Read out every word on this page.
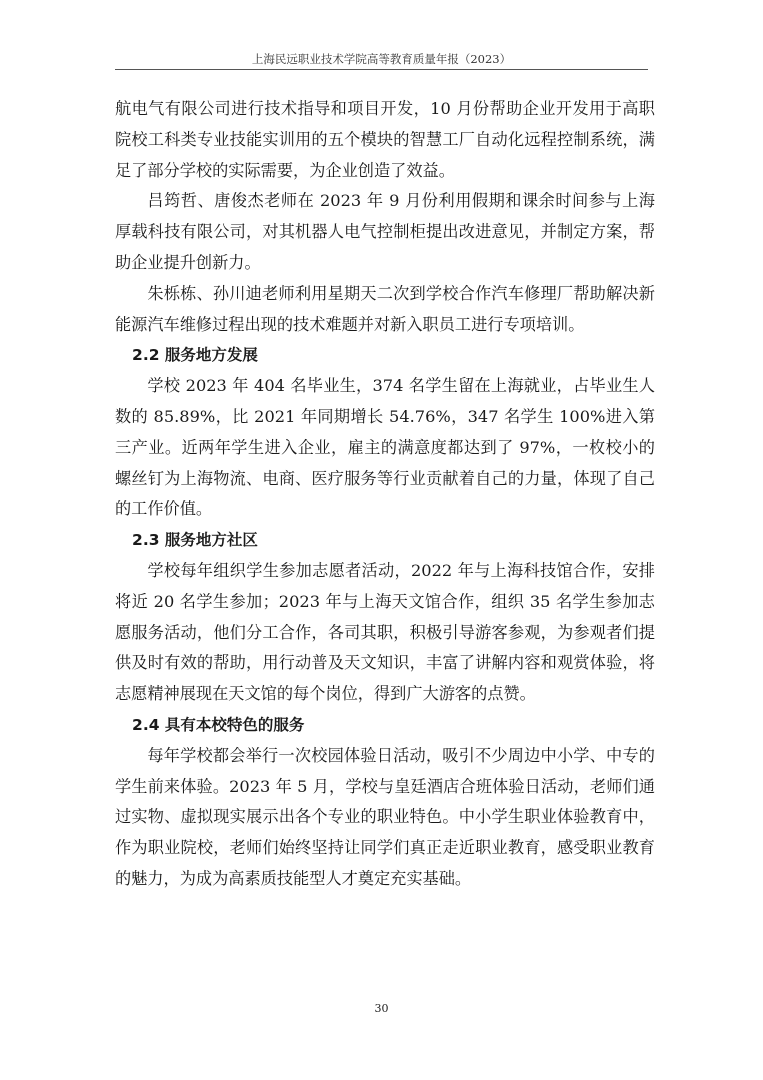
上海民远职业技术学院高等教育质量年报（2023）

航电气有限公司进行技术指导和项目开发，10 月份帮助企业开发用于高职院校工科类专业技能实训用的五个模块的智慧工厂自动化远程控制系统，满足了部分学校的实际需要，为企业创造了效益。

吕筠哲、唐俊杰老师在 2023 年 9 月份利用假期和课余时间参与上海厚载科技有限公司，对其机器人电气控制柜提出改进意见，并制定方案，帮助企业提升创新力。

朱栎栋、孙川迪老师利用星期天二次到学校合作汽车修理厂帮助解决新能源汽车维修过程出现的技术难题并对新入职员工进行专项培训。

2.2 服务地方发展

学校 2023 年 404 名毕业生，374 名学生留在上海就业，占毕业生人数的 85.89%，比 2021 年同期增长 54.76%，347 名学生 100%进入第三产业。近两年学生进入企业，雇主的满意度都达到了 97%，一枚校小的螺丝钉为上海物流、电商、医疗服务等行业贡献着自己的力量，体现了自己的工作价值。

2.3 服务地方社区

学校每年组织学生参加志愿者活动，2022 年与上海科技馆合作，安排将近 20 名学生参加；2023 年与上海天文馆合作，组织 35 名学生参加志愿服务活动，他们分工合作，各司其职，积极引导游客参观，为参观者们提供及时有效的帮助，用行动普及天文知识，丰富了讲解内容和观赏体验，将志愿精神展现在天文馆的每个岗位，得到广大游客的点赞。

2.4 具有本校特色的服务

每年学校都会举行一次校园体验日活动，吸引不少周边中小学、中专的学生前来体验。2023 年 5 月，学校与皇廷酒店合班体验日活动，老师们通过实物、虚拟现实展示出各个专业的职业特色。中小学生职业体验教育中，作为职业院校，老师们始终坚持让同学们真正走近职业教育，感受职业教育的魅力，为成为高素质技能型人才奠定充实基础。

30
